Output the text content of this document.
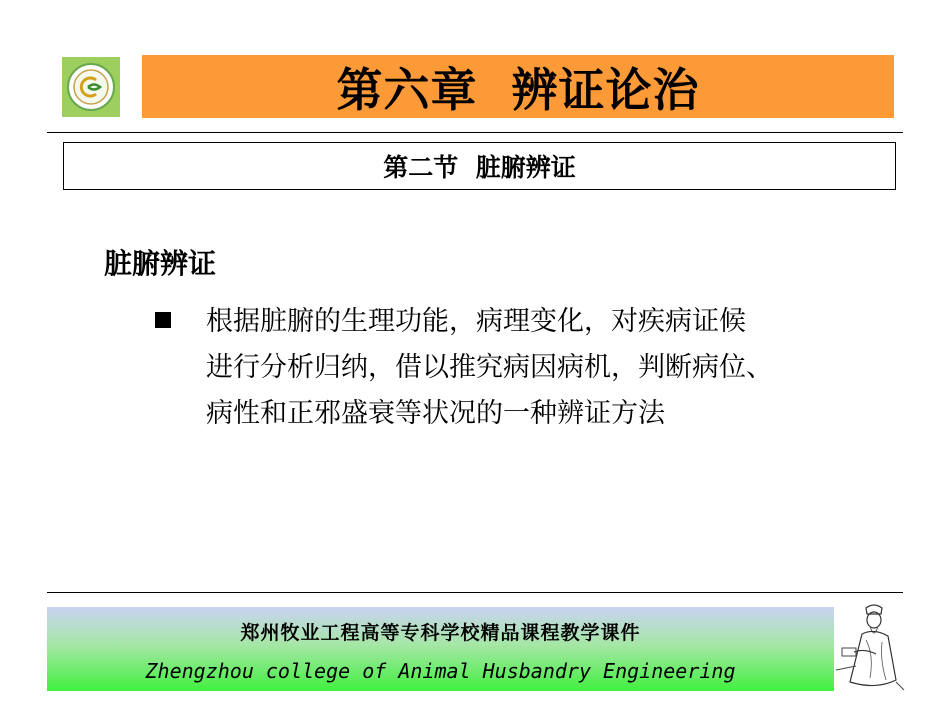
第六章  辨证论治
第二节  脏腑辨证
脏腑辨证
根据脏腑的生理功能，病理变化，对疾病证候
进行分析归纳，借以推究病因病机，判断病位、
病性和正邪盛衰等状况的一种辨证方法
郑州牧业工程高等专科学校精品课程教学课件
Zhengzhou college of Animal Husbandry Engineering
